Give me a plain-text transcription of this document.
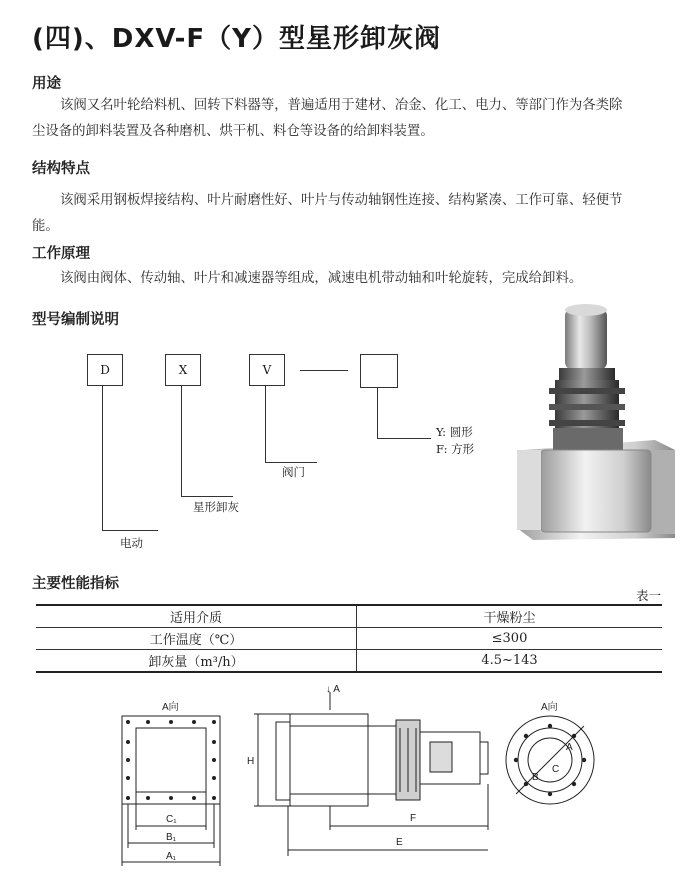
(四)、DXV-F（Y）型星形卸灰阀
用途
该阀又名叶轮给料机、回转下料器等，普遍适用于建材、冶金、化工、电力、等部门作为各类除
尘设备的卸料装置及各种磨机、烘干机、料仓等设备的给卸料装置。
结构特点
该阀采用钢板焊接结构、叶片耐磨性好、叶片与传动轴钢性连接、结构紧凑、工作可靠、轻便节
能。
工作原理
该阀由阀体、传动轴、叶片和减速器等组成，减速电机带动轴和叶轮旋转，完成给卸料。
型号编制说明
D	X	V
Y: 圆形
F: 方形
阀门
星形卸灰
电动
主要性能指标
表一
适用介质	干燥粉尘
工作温度（℃）	≤300
卸灰量（m³/h）	4.5~143
A向
C₁
B₁
A₁
↓ A
H
F
E
A向
A
B
C
